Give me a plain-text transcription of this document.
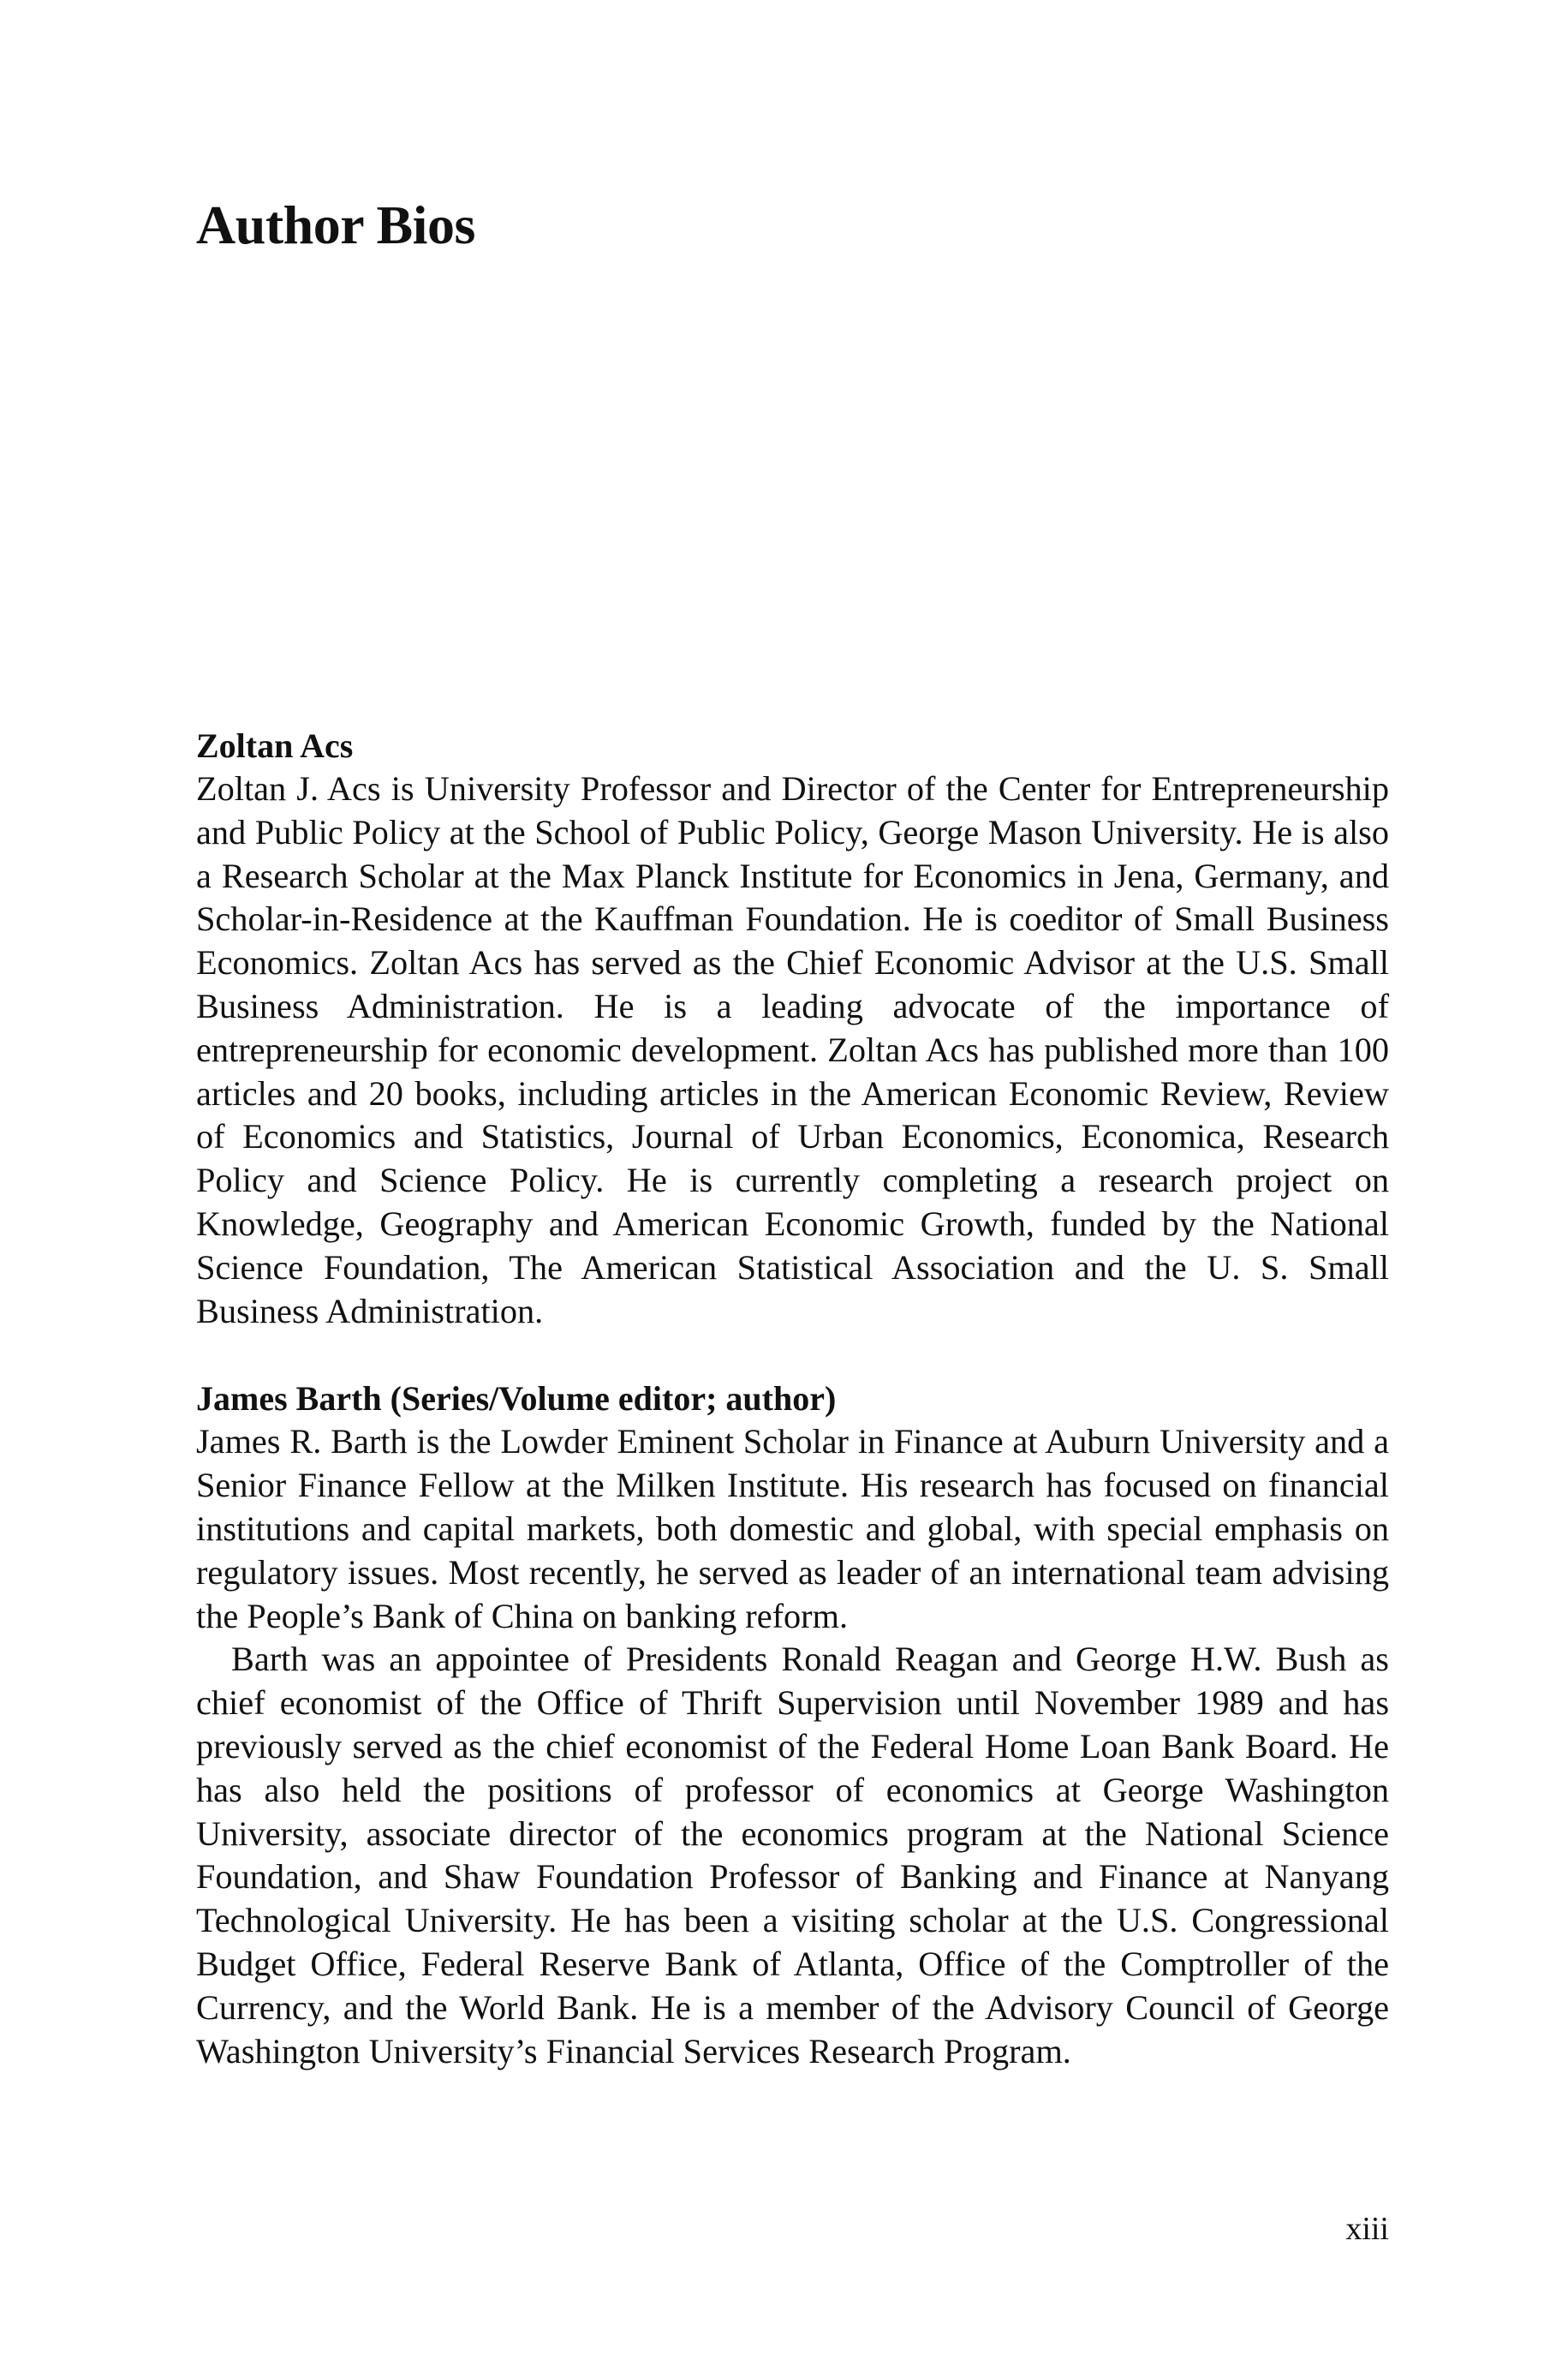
Author Bios

Zoltan Acs

Zoltan J. Acs is University Professor and Director of the Center for Entrepreneurship and Public Policy at the School of Public Policy, George Mason University. He is also a Research Scholar at the Max Planck Institute for Economics in Jena, Germany, and Scholar-in-Residence at the Kauffman Foundation. He is coeditor of Small Business Economics. Zoltan Acs has served as the Chief Economic Advisor at the U.S. Small Business Administration. He is a leading advocate of the importance of entrepreneurship for economic development. Zoltan Acs has published more than 100 articles and 20 books, including articles in the American Economic Review, Review of Economics and Statistics, Journal of Urban Economics, Economica, Research Policy and Science Policy. He is currently completing a research project on Knowledge, Geography and American Economic Growth, funded by the National Science Foundation, The American Statistical Association and the U. S. Small Business Administration.

James Barth (Series/Volume editor; author)

James R. Barth is the Lowder Eminent Scholar in Finance at Auburn University and a Senior Finance Fellow at the Milken Institute. His research has focused on financial institutions and capital markets, both domestic and global, with special emphasis on regulatory issues. Most recently, he served as leader of an international team advising the People’s Bank of China on banking reform.

Barth was an appointee of Presidents Ronald Reagan and George H.W. Bush as chief economist of the Office of Thrift Supervision until November 1989 and has previously served as the chief economist of the Federal Home Loan Bank Board. He has also held the positions of professor of economics at George Washington University, associate director of the economics program at the National Science Foundation, and Shaw Foundation Professor of Banking and Finance at Nanyang Technological University. He has been a visiting scholar at the U.S. Congressional Budget Office, Federal Reserve Bank of Atlanta, Office of the Comptroller of the Currency, and the World Bank. He is a member of the Advisory Council of George Washington University’s Financial Services Research Program.

xiii
